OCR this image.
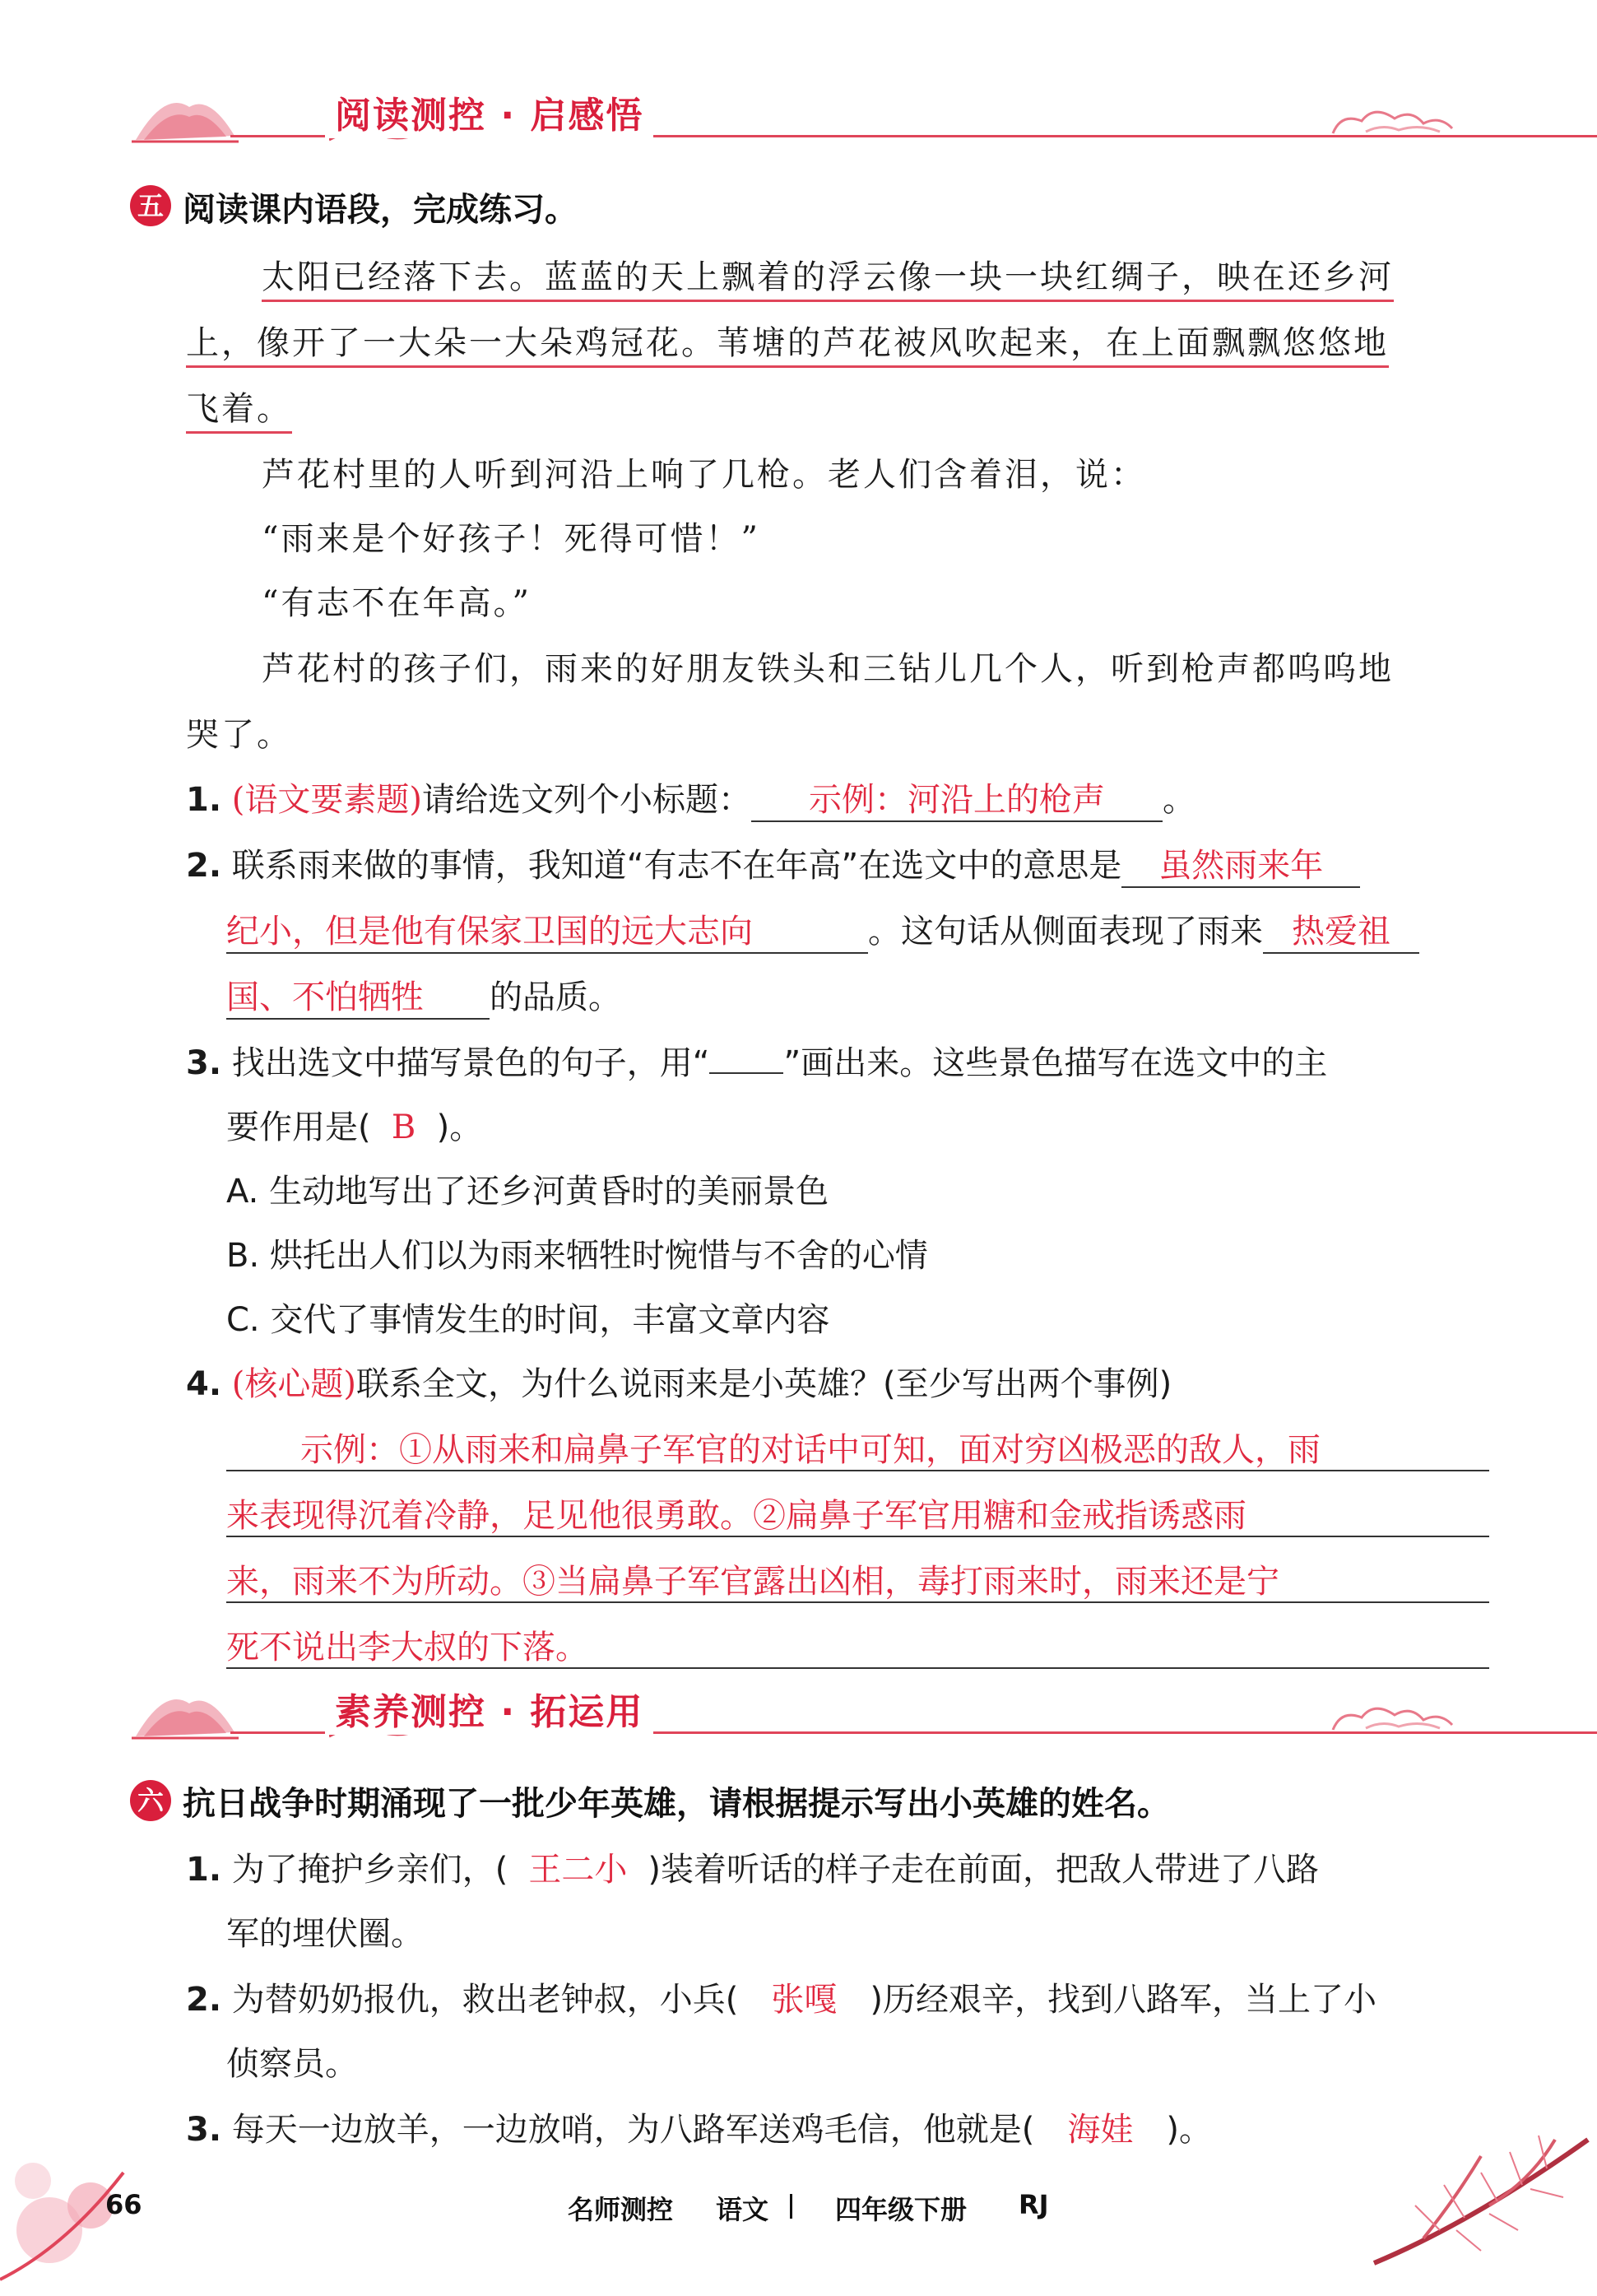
阅读测控 · 启感悟
五 阅读课内语段，完成练习。
太阳已经落下去。蓝蓝的天上飘着的浮云像一块一块红绸子，映在还乡河
上，像开了一大朵一大朵鸡冠花。苇塘的芦花被风吹起来，在上面飘飘悠悠地
飞着。
芦花村里的人听到河沿上响了几枪。老人们含着泪，说：
“雨来是个好孩子！死得可惜！”
“有志不在年高。”
芦花村的孩子们，雨来的好朋友铁头和三钻儿几个人，听到枪声都呜呜地
哭了。
1. (语文要素题)请给选文列个小标题： 示例：河沿上的枪声 。
2. 联系雨来做的事情，我知道“有志不在年高”在选文中的意思是 虽然雨来年
纪小，但是他有保家卫国的远大志向	。这句话从侧面表现了雨来 热爱祖
国、不怕牺牲 的品质。
3. 找出选文中描写景色的句子，用“ ”画出来。这些景色描写在选文中的主
要作用是( B )。
A. 生动地写出了还乡河黄昏时的美丽景色
B. 烘托出人们以为雨来牺牲时惋惜与不舍的心情
C. 交代了事情发生的时间，丰富文章内容
4. (核心题)联系全文，为什么说雨来是小英雄？(至少写出两个事例)
示例：①从雨来和扁鼻子军官的对话中可知，面对穷凶极恶的敌人，雨
来表现得沉着冷静，足见他很勇敢。②扁鼻子军官用糖和金戒指诱惑雨
来，雨来不为所动。③当扁鼻子军官露出凶相，毒打雨来时，雨来还是宁
死不说出李大叔的下落。
素养测控 · 拓运用
六 抗日战争时期涌现了一批少年英雄，请根据提示写出小英雄的姓名。
1. 为了掩护乡亲们，( 王二小 )装着听话的样子走在前面，把敌人带进了八路
军的埋伏圈。
2. 为替奶奶报仇，救出老钟叔，小兵( 张嘎 )历经艰辛，找到八路军，当上了小
侦察员。
3. 每天一边放羊，一边放哨，为八路军送鸡毛信，他就是( 海娃 )。
66	名师测控 语文	四年级下册 RJ
